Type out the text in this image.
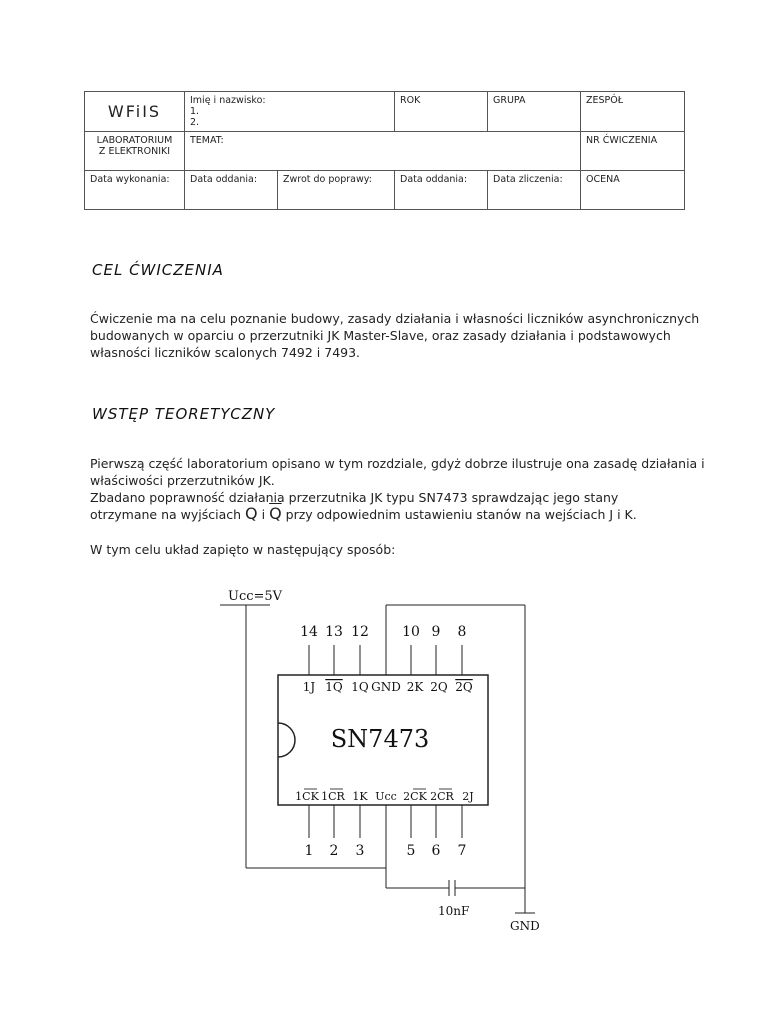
WFiIS	Imię i nazwisko:
1.
2.		ROK	GRUPA	ZESPÓŁ

LABORATORIUM
Z ELEKTRONIKI	TEMAT:				NR ĆWICZENIA
Data wykonania:	Data oddania:	Zwrot do poprawy:	Data oddania:	Data zliczenia:	OCENA
CEL ĆWICZENIA

Ćwiczenie ma na celu poznanie budowy, zasady działania i własności liczników asynchronicznych budowanych w oparciu o przerzutniki JK Master-Slave, oraz zasady działania i podstawowych własności liczników scalonych 7492 i 7493.

WSTĘP TEORETYCZNY

Pierwszą część laboratorium opisano w tym rozdziale, gdyż dobrze ilustruje ona zasadę działania i właściwości przerzutników JK.

Zbadano poprawność działania przerzutnika JK typu SN7473 sprawdzając jego stany

otrzymane na wyjściach Q i $\overline{Q}$ przy odpowiednim ustawieniu stanów na wejściach J i K.

W tym celu układ zapięto w następujący sposób:

SN7473
Ucc=5V
GND
10nF
14 13 12 10 9 8
1J 1Q 1Q GND 2K 2Q 2Q
1CK 1CR 1K Ucc 2CK 2CR 2J
1 2 3	5 6 7
